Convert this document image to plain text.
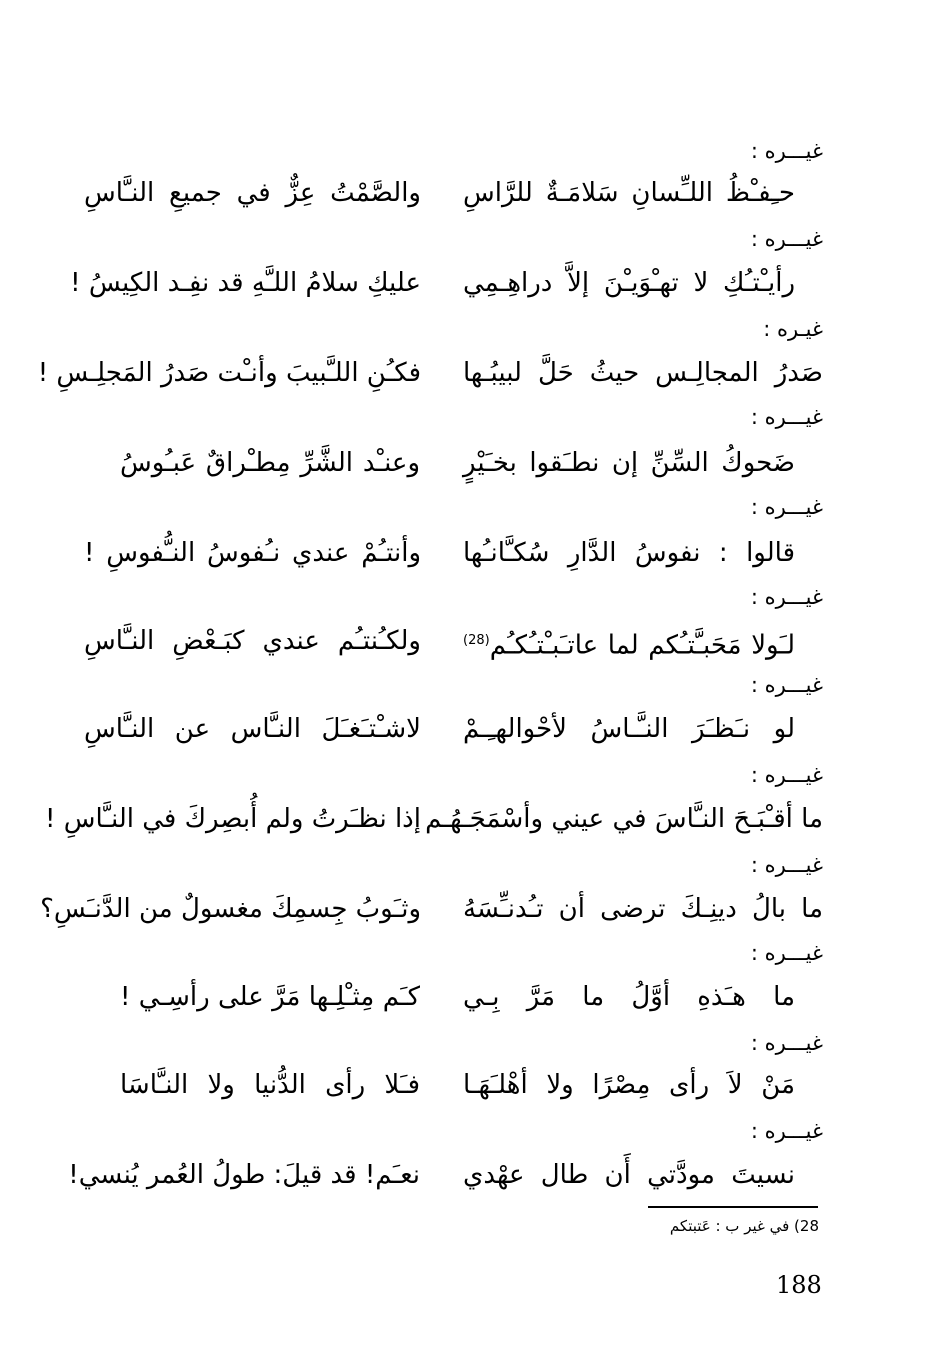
غيـــره :
حـِفـْظُ اللـِّسانِ سَلامَـةٌ للرَّاسِ
والصَّمْتُ عِزٌّ في جميعِ النـَّاسِ
غيـــره :
رأيـْتـُكِ لا تهـْوَيـْنَ إلاَّ دراهِـمِي
عليكِ سلامُ اللـَّهِ قد نفِـد الكِيسُ !
غيـره :
صَدرُ المجالِـس حيثُ حَلَّ لبيبُـها
فكـُنِ اللـَّبيبَ وأنـْت صَدرُ المَجلِـسِ !
غيـــره :
ضَحوكُ السِّنِّ إن نطـَقوا بخـَيْرٍ
وعنـْد الشَّرِّ مِطـْراقٌ عَبـُوسُ
غيـــره :
قالوا : نفوسُ الدَّارِ سُكـَّانـُها
وأنتـُمْ عندي نـُفوسُ النـُّفوسِ !
غيـــره :
لـَولا مَحَبـَّتـُكم لما عاتـَبـْتـُكـُم$^{(28)}$
ولكـُنتـُم عندي كبَـعْضِ النـَّاسِ
غيـــره :
لو نـَظـَرَ النـَّـاسُ لأحْوالهـِـمْ
لاشـْتـَغـَلَ النـَّاس عن النـَّاسِ
غيـــره :
ما أقـْبَـحَ النـَّاسَ في عيني وأسْمَجَـهُـم
إذا نظـَرتُ ولم أُبصِركَ في النـَّاسِ !
غيـــره :
ما بالُ دينِـكَ ترضى أن تـُدنـِّسَهُ
وثـَوبُ جِسمِكَ مغسولٌ من الدَّنـَسِ؟
غيـــره :
ما هـَذهِ أوَّلُ ما مَرَّ بِـي
كـَم مِثـْلِـها مَرَّ على رأسِـي !
غيـــره :
مَنْ لاَ رأى مِصْرًا ولا أهْلـَهَـا
فـَلا رأى الدُّنيا ولا النـَّاسَا
غيـــره :
نسيتَ مودَّتي أَن طال عهْدي
نعـَم! قد قيلَ: طولُ العُمر يُنسي!
28) في غير ب : عَتبتكم
188
